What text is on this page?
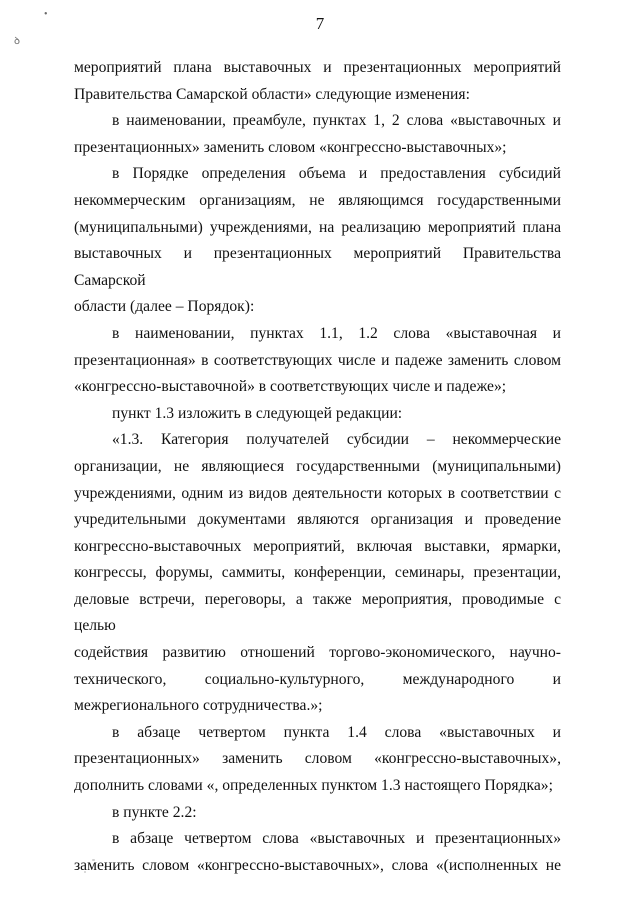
7
•
ꝺ

мероприятий плана выставочных и презентационных мероприятий

Правительства Самарской области» следующие изменения:

в наименовании, преамбуле, пунктах 1, 2 слова «выставочных и

презентационных» заменить словом «конгрессно-выставочных»;

в Порядке определения объема и предоставления субсидий

некоммерческим организациям, не являющимся государственными

(муниципальными) учреждениями, на реализацию мероприятий плана

выставочных и презентационных мероприятий Правительства Самарской

области (далее – Порядок):

в наименовании, пунктах 1.1, 1.2 слова «выставочная и

презентационная» в соответствующих числе и падеже заменить словом

«конгрессно-выставочной» в соответствующих числе и падеже»;

пункт 1.3 изложить в следующей редакции:

«1.3. Категория получателей субсидии – некоммерческие

организации, не являющиеся государственными (муниципальными)

учреждениями, одним из видов деятельности которых в соответствии с

учредительными документами являются организация и проведение

конгрессно-выставочных мероприятий, включая выставки, ярмарки,

конгрессы, форумы, саммиты, конференции, семинары, презентации,

деловые встречи, переговоры, а также мероприятия, проводимые с целью

содействия развитию отношений торгово-экономического, научно-

технического, социально-культурного, международного и

межрегионального сотрудничества.»;

в абзаце четвертом пункта 1.4 слова «выставочных и

презентационных» заменить словом «конгрессно-выставочных»,

дополнить словами «, определенных пунктом 1.3 настоящего Порядка»;

в пункте 2.2:

в абзаце четвертом слова «выставочных и презентационных»

заменить словом «конгрессно-выставочных», слова «(исполненных не
